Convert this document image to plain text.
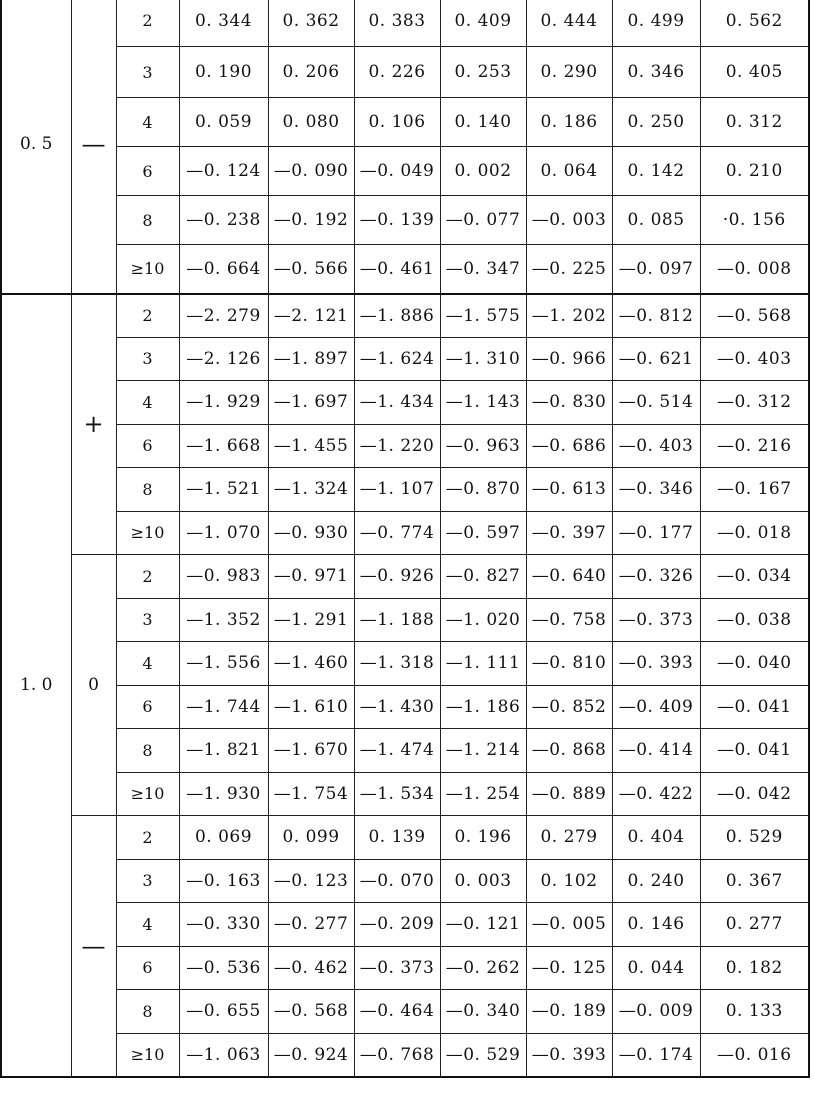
0. 5	—	2	0. 344	0. 362	0. 383	0. 409	0. 444	0. 499	0. 562
		3	0. 190	0. 206	0. 226	0. 253	0. 290	0. 346	0. 405
		4	0. 059	0. 080	0. 106	0. 140	0. 186	0. 250	0. 312
		6	—0. 124	—0. 090	—0. 049	0. 002	0. 064	0. 142	0. 210
		8	—0. 238	—0. 192	—0. 139	—0. 077	—0. 003	0. 085	·0. 156
		≥10	—0. 664	—0. 566	—0. 461	—0. 347	—0. 225	—0. 097	—0. 008
1. 0	+	2	—2. 279	—2. 121	—1. 886	—1. 575	—1. 202	—0. 812	—0. 568
		3	—2. 126	—1. 897	—1. 624	—1. 310	—0. 966	—0. 621	—0. 403
		4	—1. 929	—1. 697	—1. 434	—1. 143	—0. 830	—0. 514	—0. 312
		6	—1. 668	—1. 455	—1. 220	—0. 963	—0. 686	—0. 403	—0. 216
		8	—1. 521	—1. 324	—1. 107	—0. 870	—0. 613	—0. 346	—0. 167
		≥10	—1. 070	—0. 930	—0. 774	—0. 597	—0. 397	—0. 177	—0. 018
	0	2	—0. 983	—0. 971	—0. 926	—0. 827	—0. 640	—0. 326	—0. 034
		3	—1. 352	—1. 291	—1. 188	—1. 020	—0. 758	—0. 373	—0. 038
		4	—1. 556	—1. 460	—1. 318	—1. 111	—0. 810	—0. 393	—0. 040
		6	—1. 744	—1. 610	—1. 430	—1. 186	—0. 852	—0. 409	—0. 041
		8	—1. 821	—1. 670	—1. 474	—1. 214	—0. 868	—0. 414	—0. 041
		≥10	—1. 930	—1. 754	—1. 534	—1. 254	—0. 889	—0. 422	—0. 042
	—	2	0. 069	0. 099	0. 139	0. 196	0. 279	0. 404	0. 529
		3	—0. 163	—0. 123	—0. 070	0. 003	0. 102	0. 240	0. 367
		4	—0. 330	—0. 277	—0. 209	—0. 121	—0. 005	0. 146	0. 277
		6	—0. 536	—0. 462	—0. 373	—0. 262	—0. 125	0. 044	0. 182
		8	—0. 655	—0. 568	—0. 464	—0. 340	—0. 189	—0. 009	0. 133
		≥10	—1. 063	—0. 924	—0. 768	—0. 529	—0. 393	—0. 174	—0. 016
